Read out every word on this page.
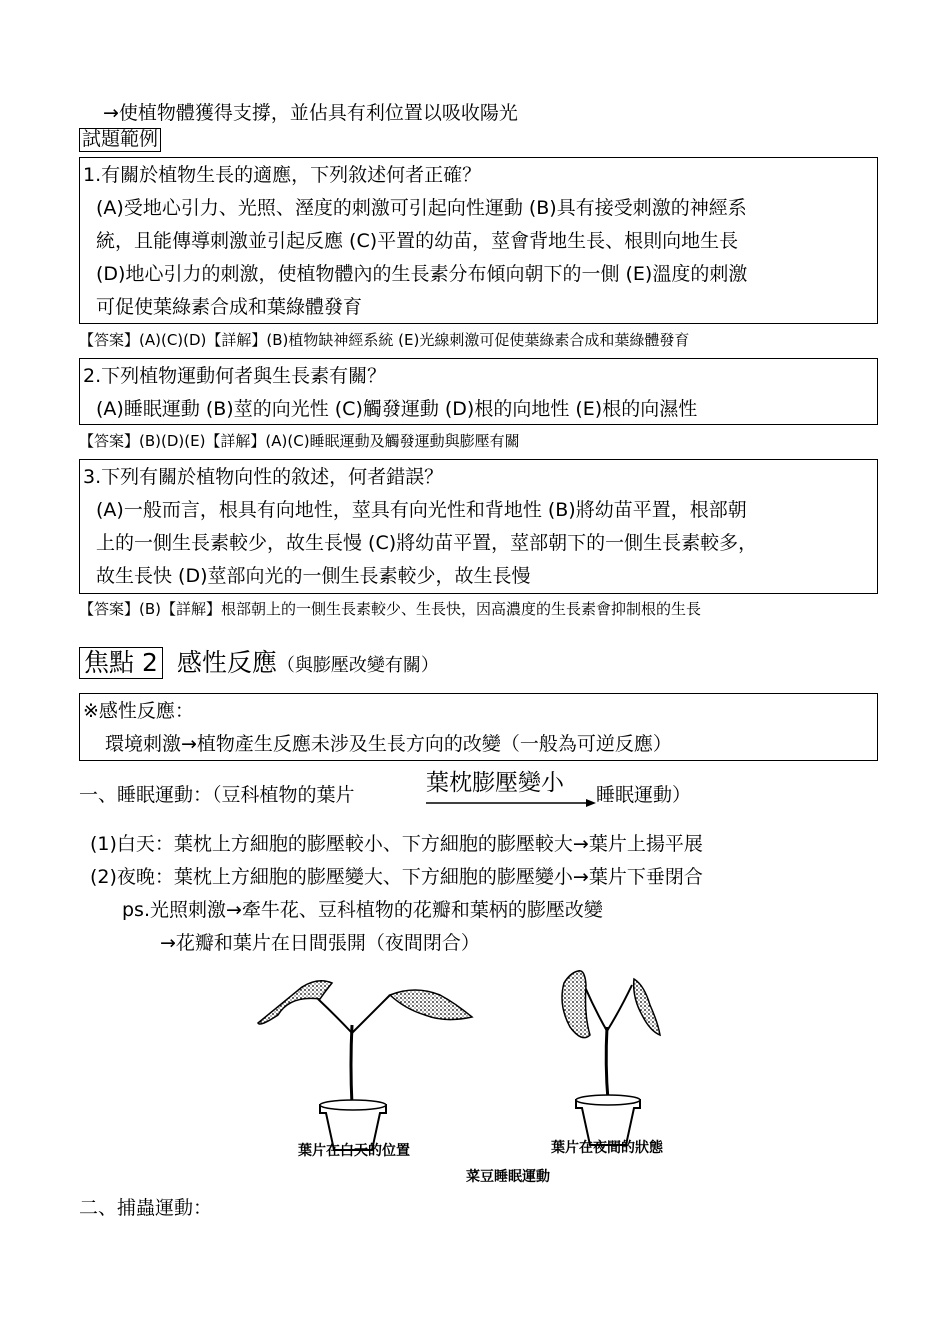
→使植物體獲得支撐，並佔具有利位置以吸收陽光
試題範例
1.有關於植物生長的適應，下列敘述何者正確？
(A)受地心引力、光照、溼度的刺激可引起向性運動 (B)具有接受刺激的神經系
統，且能傳導刺激並引起反應 (C)平置的幼苗，莖會背地生長、根則向地生長
(D)地心引力的刺激，使植物體內的生長素分布傾向朝下的一側 (E)溫度的刺激
可促使葉綠素合成和葉綠體發育
【答案】(A)(C)(D)【詳解】(B)植物缺神經系統 (E)光線刺激可促使葉綠素合成和葉綠體發育
2.下列植物運動何者與生長素有關？
(A)睡眠運動 (B)莖的向光性 (C)觸發運動 (D)根的向地性 (E)根的向濕性
【答案】(B)(D)(E)【詳解】(A)(C)睡眠運動及觸發運動與膨壓有關
3.下列有關於植物向性的敘述，何者錯誤？
(A)一般而言，根具有向地性，莖具有向光性和背地性 (B)將幼苗平置，根部朝
上的一側生長素較少，故生長慢 (C)將幼苗平置，莖部朝下的一側生長素較多，
故生長快 (D)莖部向光的一側生長素較少，故生長慢
【答案】(B)【詳解】根部朝上的一側生長素較少、生長快，因高濃度的生長素會抑制根的生長
焦點 2 感性反應（與膨壓改變有關）
※感性反應：
環境刺激→植物產生反應未涉及生長方向的改變（一般為可逆反應）
一、睡眠運動：（豆科植物的葉片	葉枕膨壓變小 睡眠運動）
(1)白天：葉枕上方細胞的膨壓較小、下方細胞的膨壓較大→葉片上揚平展
(2)夜晚：葉枕上方細胞的膨壓變大、下方細胞的膨壓變小→葉片下垂閉合
ps.光照刺激→牽牛花、豆科植物的花瓣和葉柄的膨壓改變
→花瓣和葉片在日間張開（夜間閉合）
葉片在白天的位置	葉片在夜間的狀態
菜豆睡眠運動
二、捕蟲運動：
